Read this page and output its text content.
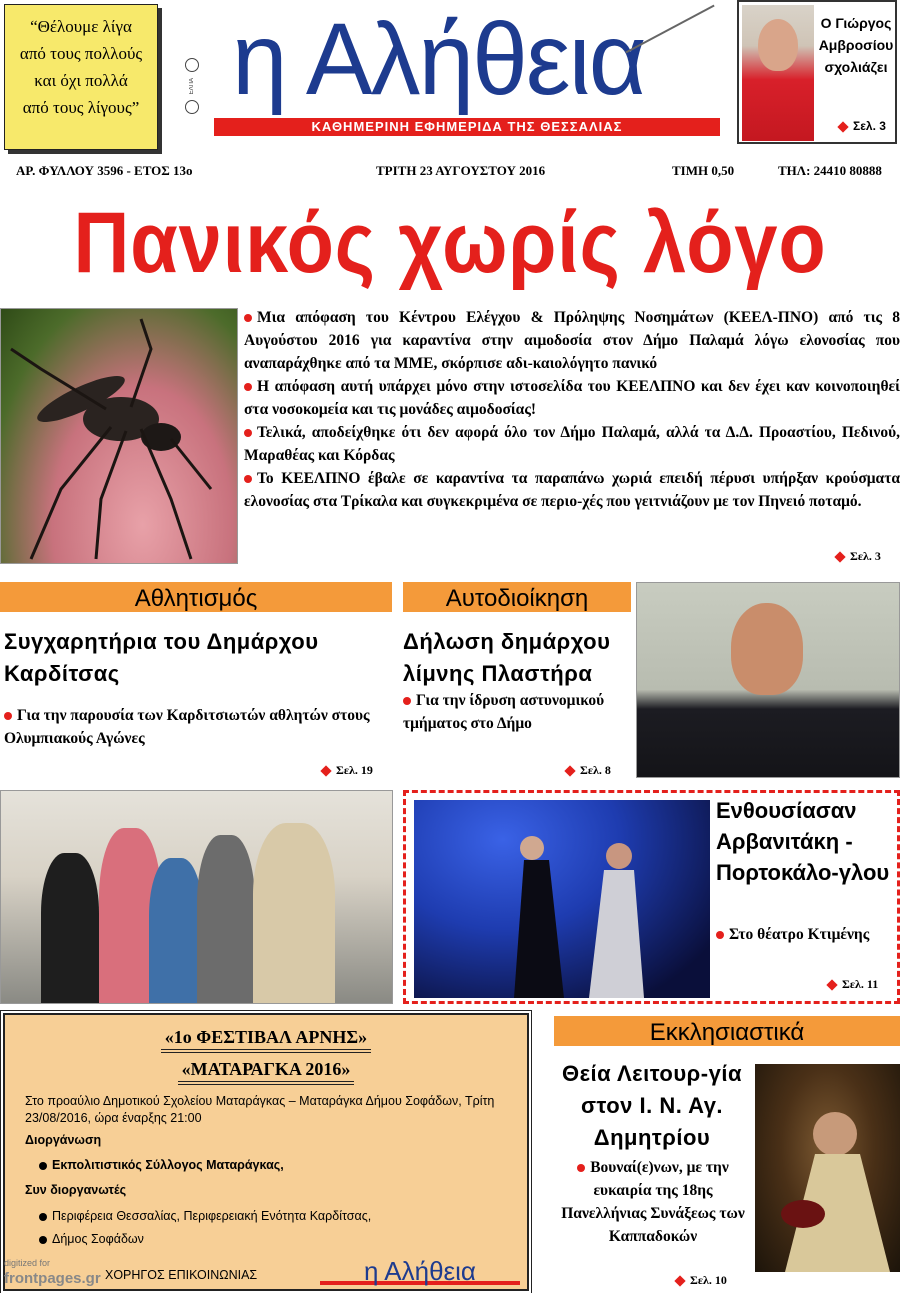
“Θέλουμε λίγα
από τους πολλούς
και όχι πολλά
από τους λίγους”
ΕΛΠΑ η Αλήθεια
ΚΑΘΗΜΕΡΙΝΗ ΕΦΗΜΕΡΙΔΑ ΤΗΣ ΘΕΣΣΑΛΙΑΣ
Ο Γιώργος
Αμβροσίου
σχολιάζει
Σελ. 3
ΑΡ. ΦΥΛΛΟΥ 3596 - ΕΤΟΣ 13ο	ΤΡΙΤΗ 23 ΑΥΓΟΥΣΤΟΥ 2016	ΤΙΜΗ 0,50	ΤΗΛ: 24410 80888
Πανικός χωρίς λόγο

Μια απόφαση του Κέντρου Ελέγχου & Πρόληψης Νοσημάτων (ΚΕΕΛ-ΠΝΟ) από τις 8 Αυγούστου 2016 για καραντίνα στην αιμοδοσία στον Δήμο Παλαμά λόγω ελονοσίας που αναπαράχθηκε από τα ΜΜΕ, σκόρπισε αδι-καιολόγητο πανικό

Η απόφαση αυτή υπάρχει μόνο στην ιστοσελίδα του ΚΕΕΛΠΝΟ και δεν έχει καν κοινοποιηθεί στα νοσοκομεία και τις μονάδες αιμοδοσίας!

Τελικά, αποδείχθηκε ότι δεν αφορά όλο τον Δήμο Παλαμά, αλλά τα Δ.Δ. Προαστίου, Πεδινού, Μαραθέας και Κόρδας

Το ΚΕΕΛΠΝΟ έβαλε σε καραντίνα τα παραπάνω χωριά επειδή πέρυσι υπήρξαν κρούσματα ελονοσίας στα Τρίκαλα και συγκεκριμένα σε περιο-χές που γειτνιάζουν με τον Πηνειό ποταμό.

Σελ. 3
Αθλητισμός
Συγχαρητήρια του Δημάρχου Καρδίτσας
Για την παρουσία των Καρδιτσιωτών αθλητών στους Ολυμπιακούς Αγώνες
Σελ. 19
Αυτοδιοίκηση
Δήλωση δημάρχου λίμνης Πλαστήρα
Για την ίδρυση αστυνομικού τμήματος στο Δήμο
Σελ. 8
Ενθουσίασαν Αρβανιτάκη - Πορτοκάλο-γλου
Στο θέατρο Κτιμένης
Σελ. 11
«1ο ΦΕΣΤΙΒΑΛ ΑΡΝΗΣ»
«ΜΑΤΑΡΑΓΚΑ 2016»
Στο προαύλιο Δημοτικού Σχολείου Ματαράγκας – Ματαράγκα Δήμου Σοφάδων, Τρίτη 23/08/2016, ώρα έναρξης 21:00
Διοργάνωση
Εκπολιτιστικός Σύλλογος Ματαράγκας,
Συν διοργανωτές
Περιφέρεια Θεσσαλίας, Περιφερειακή Ενότητα Καρδίτσας,
Δήμος Σοφάδων
ΧΟΡΗΓΟΣ ΕΠΙΚΟΙΝΩΝΙΑΣ	η Αλήθεια
Εκκλησιαστικά
Θεία Λειτουρ-γία στον Ι. Ν. Αγ. Δημητρίου
Βουναί(ε)νων, με την ευκαιρία της 18ης Πανελλήνιας Συνάξεως των Καππαδοκών
Σελ. 10
digitized for
frontpages.gr
